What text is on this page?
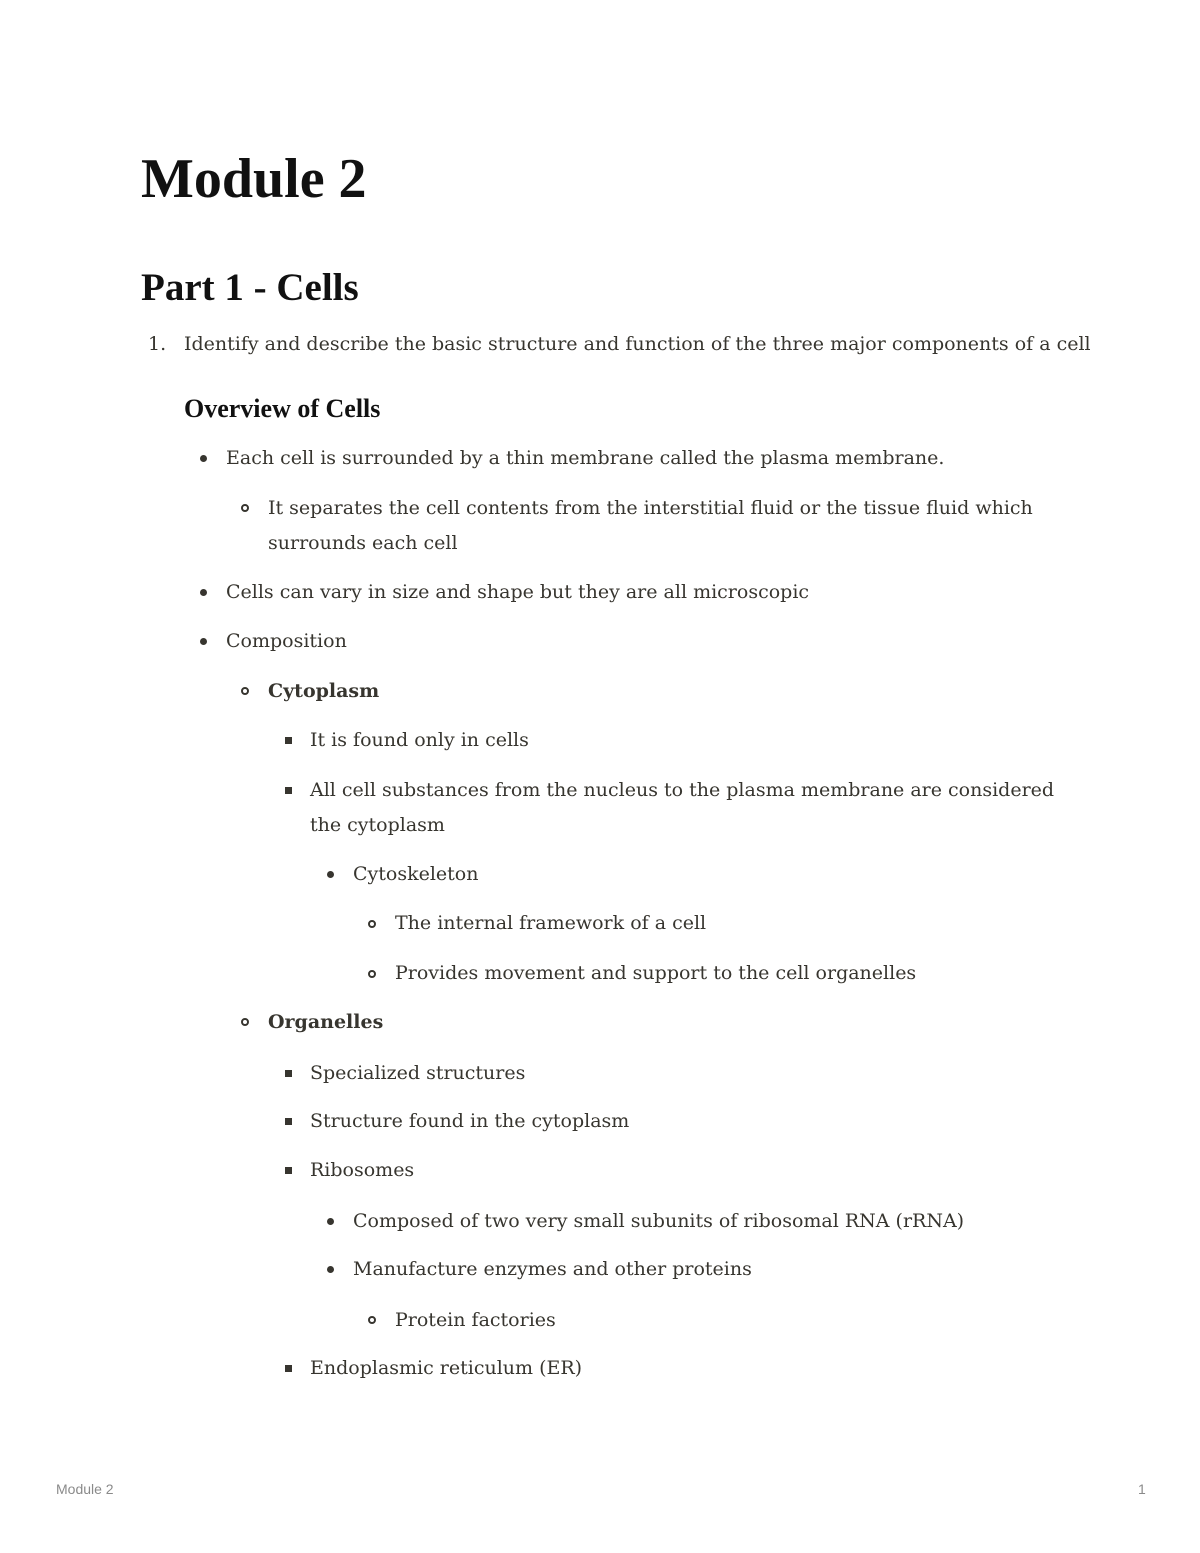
Module 2
Part 1 - Cells
1. Identify and describe the basic structure and function of the three major components of a cell
Overview of Cells
Each cell is surrounded by a thin membrane called the plasma membrane.
It separates the cell contents from the interstitial fluid or the tissue fluid which
surrounds each cell
Cells can vary in size and shape but they are all microscopic
Composition
Cytoplasm
It is found only in cells
All cell substances from the nucleus to the plasma membrane are considered
the cytoplasm
Cytoskeleton
The internal framework of a cell
Provides movement and support to the cell organelles
Organelles
Specialized structures
Structure found in the cytoplasm
Ribosomes
Composed of two very small subunits of ribosomal RNA (rRNA)
Manufacture enzymes and other proteins
Protein factories
Endoplasmic reticulum (ER)
Module 2	1
